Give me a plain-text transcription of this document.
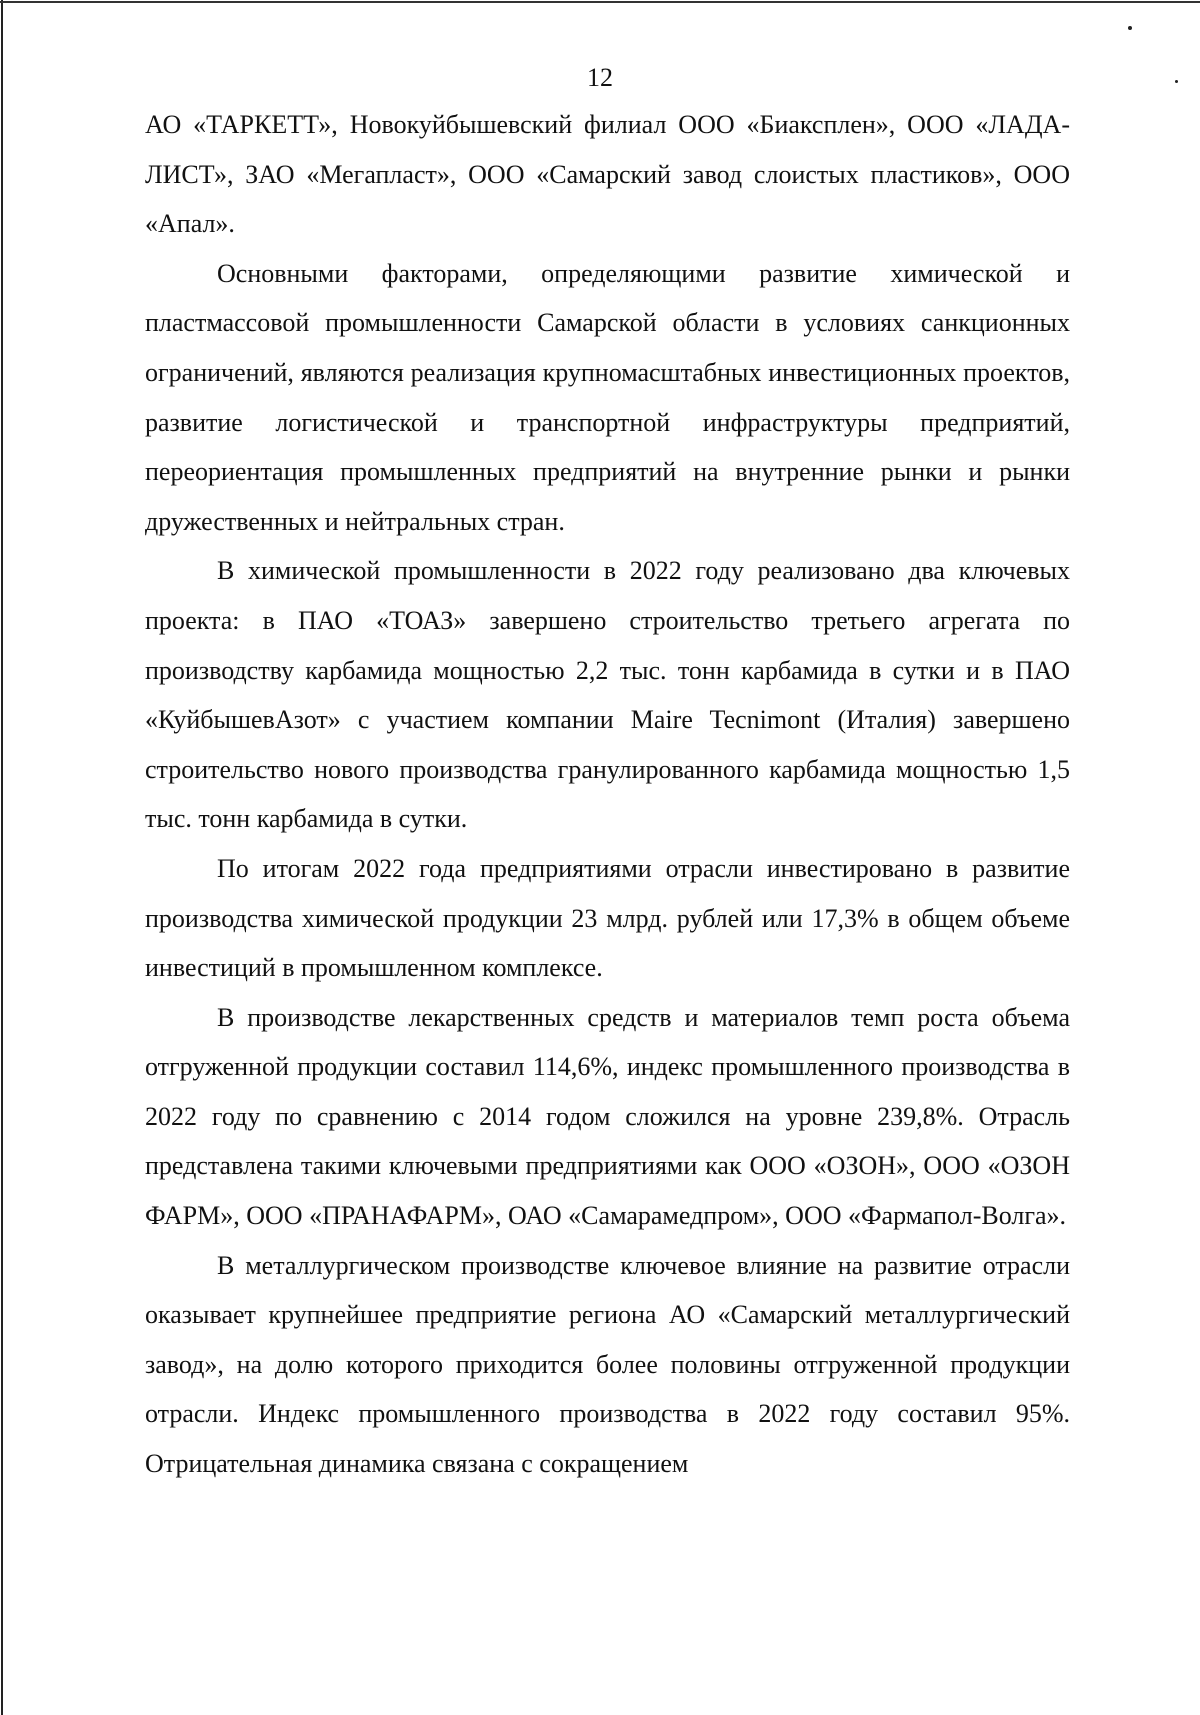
12

АО «ТАРКЕТТ», Новокуйбышевский филиал ООО «Биаксплен», ООО «ЛАДА-ЛИСТ», ЗАО «Мегапласт», ООО «Самарский завод слоистых пластиков», ООО «Апал».

Основными факторами, определяющими развитие химической и пластмассовой промышленности Самарской области в условиях санкционных ограничений, являются реализация крупномасштабных инвестиционных проектов, развитие логистической и транспортной инфраструктуры предприятий, переориентация промышленных предприятий на внутренние рынки и рынки дружественных и нейтральных стран.

В химической промышленности в 2022 году реализовано два ключевых проекта: в ПАО «ТОАЗ» завершено строительство третьего агрегата по производству карбамида мощностью 2,2 тыс. тонн карбамида в сутки и в ПАО «КуйбышевАзот» с участием компании Maire Tecnimont (Италия) завершено строительство нового производства гранулированного карбамида мощностью 1,5 тыс. тонн карбамида в сутки.

По итогам 2022 года предприятиями отрасли инвестировано в развитие производства химической продукции 23 млрд. рублей или 17,3% в общем объеме инвестиций в промышленном комплексе.

В производстве лекарственных средств и материалов темп роста объема отгруженной продукции составил 114,6%, индекс промышленного производства в 2022 году по сравнению с 2014 годом сложился на уровне 239,8%. Отрасль представлена такими ключевыми предприятиями как ООО «ОЗОН», ООО «ОЗОН ФАРМ», ООО «ПРАНАФАРМ», ОАО «Самарамедпром», ООО «Фармапол-Волга».

В металлургическом производстве ключевое влияние на развитие отрасли оказывает крупнейшее предприятие региона АО «Самарский металлургический завод», на долю которого приходится более половины отгруженной продукции отрасли. Индекс промышленного производства в 2022 году составил 95%. Отрицательная динамика связана с сокращением
